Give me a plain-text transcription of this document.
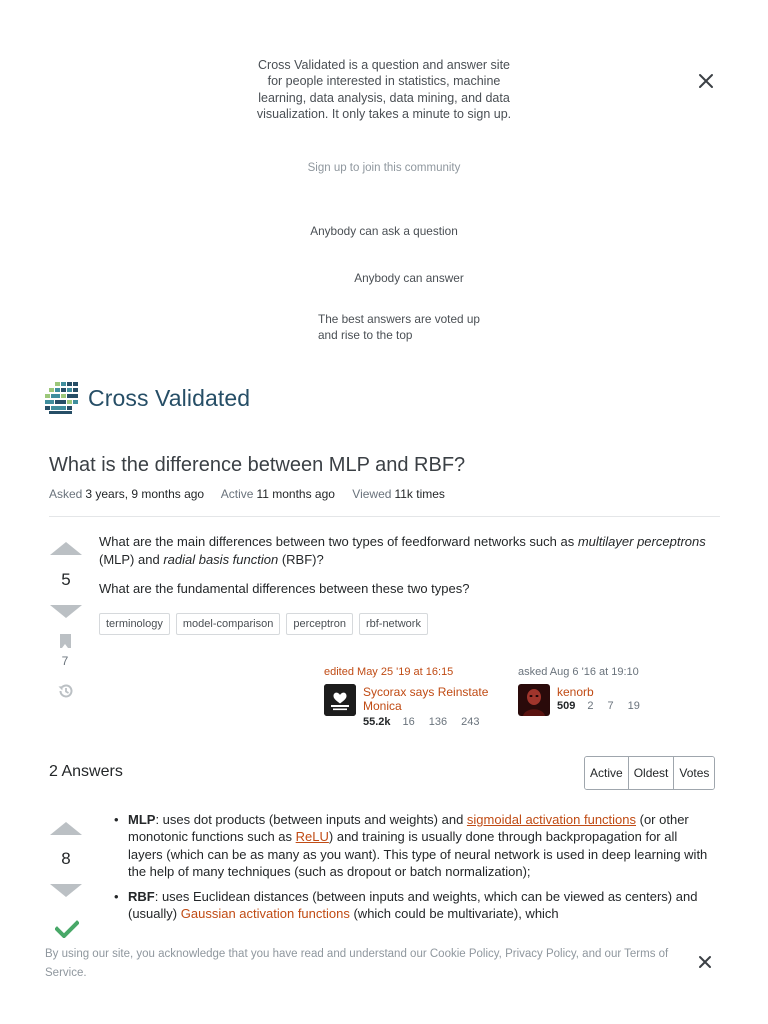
Cross Validated is a question and answer site for people interested in statistics, machine learning, data analysis, data mining, and data visualization. It only takes a minute to sign up.
Sign up to join this community
Anybody can ask a question
Anybody can answer
The best answers are voted up and rise to the top
Cross Validated
What is the difference between MLP and RBF?
Asked 3 years, 9 months ago Active 11 months ago Viewed 11k times
5
7

What are the main differences between two types of feedforward networks such as multilayer perceptrons (MLP) and radial basis function (RBF)?

What are the fundamental differences between these two types?

terminology	model-comparison	perceptron	rbf-network
edited May 25 '19 at 16:15
Sycorax says Reinstate Monica
55.2k 16 136 243
asked Aug 6 '16 at 19:10
kenorb
509 2 7 19
2 Answers	Active Oldest Votes
8
• MLP: uses dot products (between inputs and weights) and sigmoidal activation functions (or other monotonic functions such as ReLU) and training is usually done through backpropagation for all layers (which can be as many as you want). This type of neural network is used in deep learning with the help of many techniques (such as dropout or batch normalization);
• RBF: uses Euclidean distances (between inputs and weights, which can be viewed as centers) and (usually) Gaussian activation functions (which could be multivariate), which
By using our site, you acknowledge that you have read and understand our Cookie Policy, Privacy Policy, and our Terms of Service.
